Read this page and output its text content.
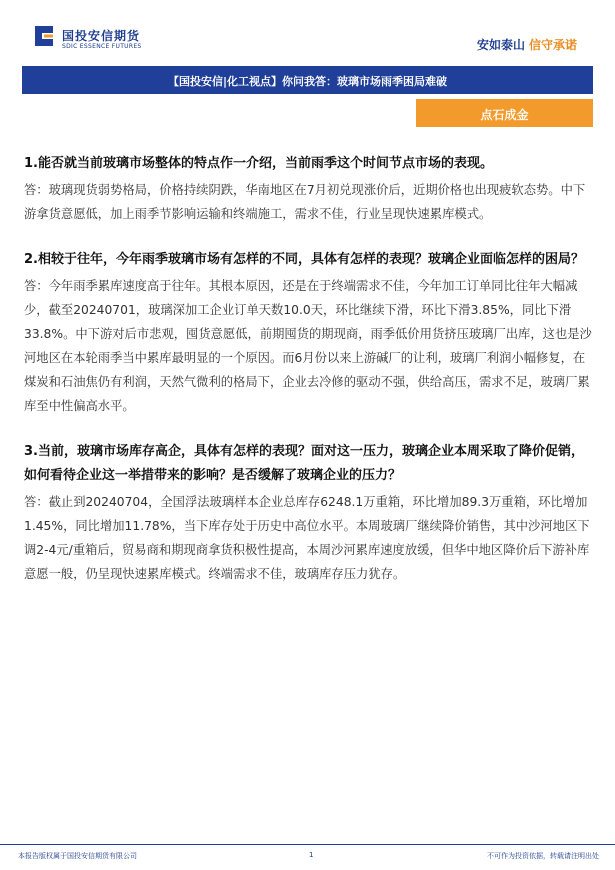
国投安信期货
SDIC ESSENCE FUTURES	安如泰山 信守承诺
【国投安信|化工视点】你问我答：玻璃市场雨季困局难破
点石成金
1.能否就当前玻璃市场整体的特点作一介绍，当前雨季这个时间节点市场的表现。
答：玻璃现货弱势格局，价格持续阴跌，华南地区在7月初兑现涨价后，近期价格也出现疲软态势。中下游拿货意愿低，加上雨季节影响运输和终端施工，需求不佳，行业呈现快速累库模式。
2.相较于往年，今年雨季玻璃市场有怎样的不同，具体有怎样的表现？玻璃企业面临怎样的困局？
答：今年雨季累库速度高于往年。其根本原因，还是在于终端需求不佳，今年加工订单同比往年大幅减少，截至20240701，玻璃深加工企业订单天数10.0天，环比继续下滑，环比下滑3.85%，同比下滑33.8%。中下游对后市悲观，囤货意愿低，前期囤货的期现商，雨季低价用货挤压玻璃厂出库，这也是沙河地区在本轮雨季当中累库最明显的一个原因。而6月份以来上游碱厂的让利，玻璃厂利润小幅修复，在煤炭和石油焦仍有利润，天然气微利的格局下，企业去冷修的驱动不强，供给高压，需求不足，玻璃厂累库至中性偏高水平。
3.当前，玻璃市场库存高企，具体有怎样的表现？面对这一压力，玻璃企业本周采取了降价促销，如何看待企业这一举措带来的影响？是否缓解了玻璃企业的压力？
答：截止到20240704，全国浮法玻璃样本企业总库存6248.1万重箱，环比增加89.3万重箱，环比增加1.45%，同比增加11.78%，当下库存处于历史中高位水平。本周玻璃厂继续降价销售，其中沙河地区下调2-4元/重箱后，贸易商和期现商拿货积极性提高，本周沙河累库速度放缓，但华中地区降价后下游补库意愿一般，仍呈现快速累库模式。终端需求不佳，玻璃库存压力犹存。
本报告版权属于国投安信期货有限公司	1	不可作为投资依据，转载请注明出处
